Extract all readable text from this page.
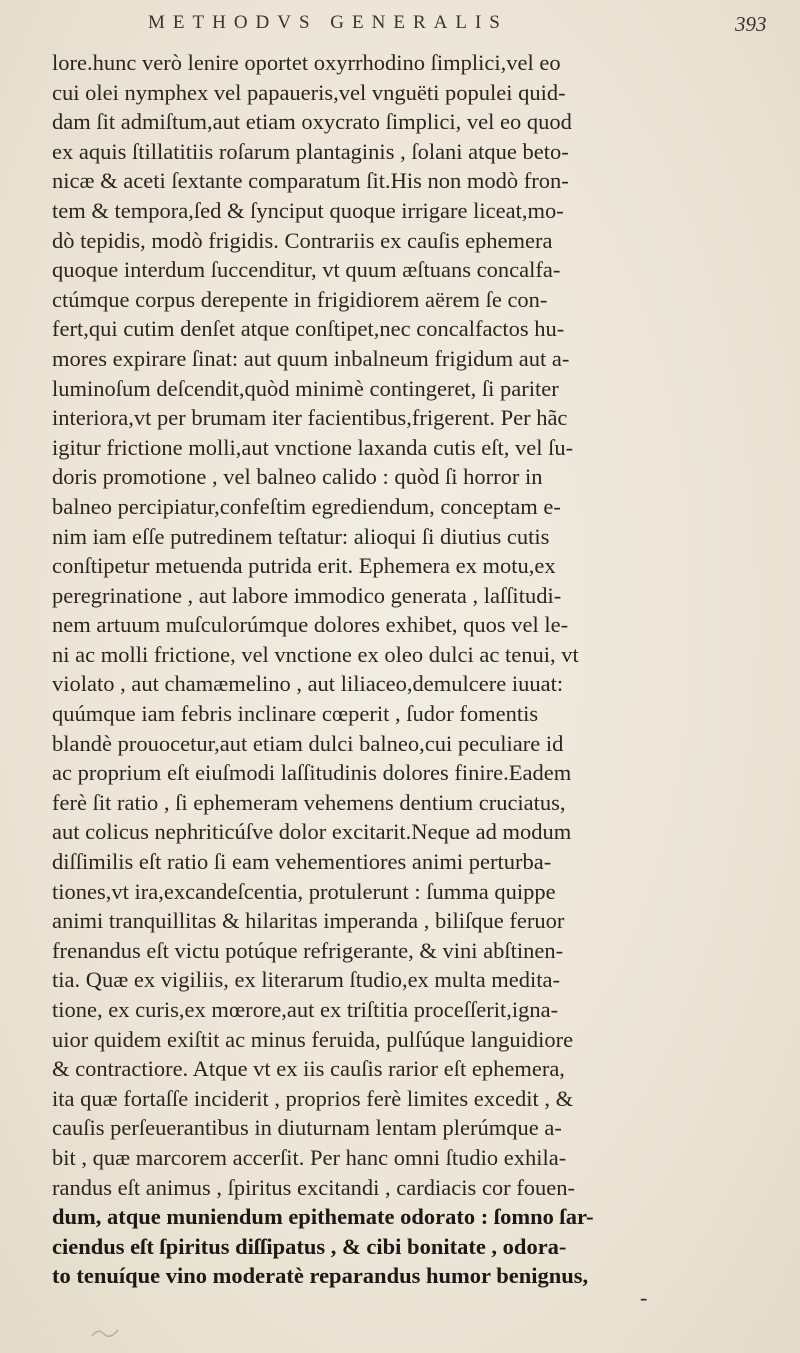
METHODVS GENERALIS	393
lore.hunc verò lenire oportet oxyrrhodino ſimplici,vel eo
cui olei nymphex vel papaueris,vel vnguëti populei quid-
dam ſit admiſtum,aut etiam oxycrato ſimplici, vel eo quod
ex aquis ſtillatitiis roſarum plantaginis , ſolani atque beto-
nicæ & aceti ſextante comparatum ſit.His non modò fron-
tem & tempora,ſed & ſynciput quoque irrigare liceat,mo-
dò tepidis, modò frigidis. Contrariis ex cauſis ephemera
quoque interdum ſuccenditur, vt quum æſtuans concalfa-
ctúmque corpus derepente in frigidiorem aërem ſe con-
fert,qui cutim denſet atque conſtipet,nec concalfactos hu-
mores expirare ſinat: aut quum inbalneum frigidum aut a-
luminoſum deſcendit,quòd minimè contingeret, ſi pariter
interiora,vt per brumam iter facientibus,frigerent. Per hãc
igitur frictione molli,aut vnctione laxanda cutis eſt, vel ſu-
doris promotione , vel balneo calido : quòd ſi horror in
balneo percipiatur,confeſtim egrediendum, conceptam e-
nim iam eſſe putredinem teſtatur: alioqui ſi diutius cutis
conſtipetur metuenda putrida erit. Ephemera ex motu,ex
peregrinatione , aut labore immodico generata , laſſitudi-
nem artuum muſculorúmque dolores exhibet, quos vel le-
ni ac molli frictione, vel vnctione ex oleo dulci ac tenui, vt
violato , aut chamæmelino , aut liliaceo,demulcere iuuat:
quúmque iam febris inclinare cœperit , ſudor fomentis
blandè prouocetur,aut etiam dulci balneo,cui peculiare id
ac proprium eſt eiuſmodi laſſitudinis dolores finire.Eadem
ferè ſit ratio , ſi ephemeram vehemens dentium cruciatus,
aut colicus nephriticúſve dolor excitarit.Neque ad modum
diſſimilis eſt ratio ſi eam vehementiores animi perturba-
tiones,vt ira,excandeſcentia, protulerunt : ſumma quippe
animi tranquillitas & hilaritas imperanda , biliſque feruor
frenandus eſt victu potúque refrigerante, & vini abſtinen-
tia. Quæ ex vigiliis, ex literarum ſtudio,ex multa medita-
tione, ex curis,ex mœrore,aut ex triſtitia proceſſerit,igna-
uior quidem exiſtit ac minus feruida, pulſúque languidiore
& contractiore. Atque vt ex iis cauſis rarior eſt ephemera,
ita quæ fortaſſe inciderit , proprios ferè limites excedit , &
cauſis perſeuerantibus in diuturnam lentam plerúmque a-
bit , quæ marcorem accerſit. Per hanc omni ſtudio exhila-
randus eſt animus , ſpiritus excitandi , cardiacis cor fouen-
dum, atque muniendum epithemate odorato : ſomno ſar-
ciendus eſt ſpiritus diſſipatus , & cibi bonitate , odora-
to tenuíque vino moderatè reparandus humor benignus,
-
